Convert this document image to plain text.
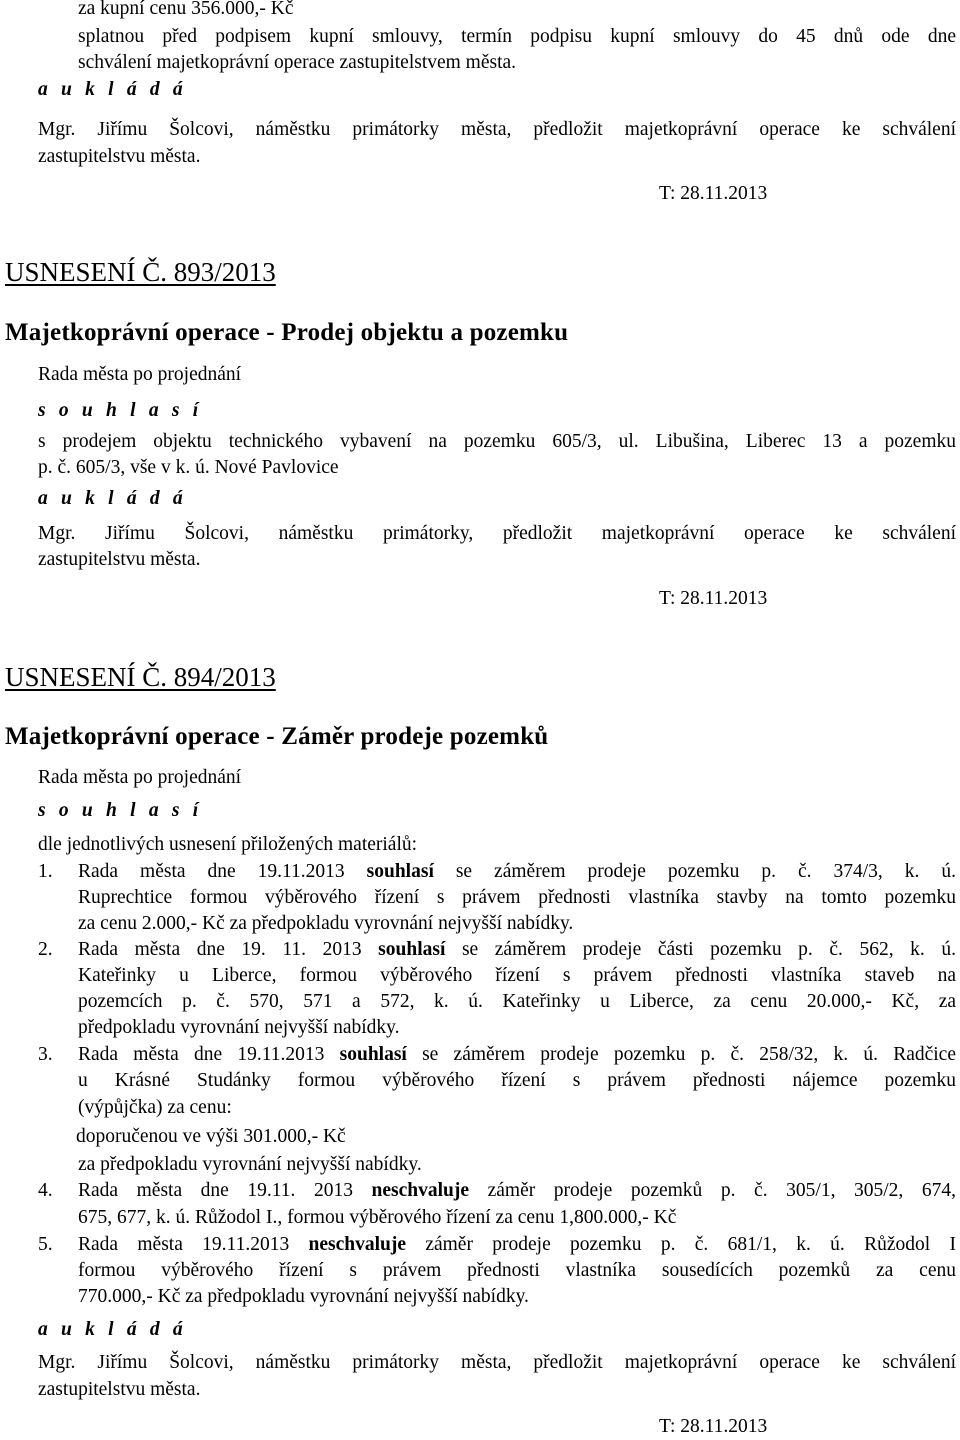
za kupní cenu 356.000,- Kč
splatnou před podpisem kupní smlouvy, termín podpisu kupní smlouvy do 45 dnů ode dne
schválení majetkoprávní operace zastupitelstvem města.
a u k l á d á
Mgr. Jiřímu Šolcovi, náměstku primátorky města, předložit majetkoprávní operace ke schválení
zastupitelstvu města.
T: 28.11.2013
USNESENÍ Č. 893/2013
Majetkoprávní operace - Prodej objektu a pozemku
Rada města po projednání
s o u h l a s í
s prodejem objektu technického vybavení na pozemku 605/3, ul. Libušina, Liberec 13 a pozemku
p. č. 605/3, vše v k. ú. Nové Pavlovice
a u k l á d á
Mgr. Jiřímu Šolcovi, náměstku primátorky, předložit majetkoprávní operace ke schválení
zastupitelstvu města.
T: 28.11.2013
USNESENÍ Č. 894/2013
Majetkoprávní operace - Záměr prodeje pozemků
Rada města po projednání
s o u h l a s í
dle jednotlivých usnesení přiložených materiálů:
1. Rada města dne 19.11.2013 souhlasí se záměrem prodeje pozemku p. č. 374/3, k. ú.
Ruprechtice formou výběrového řízení s právem přednosti vlastníka stavby na tomto pozemku
za cenu 2.000,- Kč za předpokladu vyrovnání nejvyšší nabídky.
2. Rada města dne 19. 11. 2013 souhlasí se záměrem prodeje části pozemku p. č. 562, k. ú.
Kateřinky u Liberce, formou výběrového řízení s právem přednosti vlastníka staveb na
pozemcích p. č. 570, 571 a 572, k. ú. Kateřinky u Liberce, za cenu 20.000,- Kč, za
předpokladu vyrovnání nejvyšší nabídky.
3. Rada města dne 19.11.2013 souhlasí se záměrem prodeje pozemku p. č. 258/32, k. ú. Radčice
u Krásné Studánky formou výběrového řízení s právem přednosti nájemce pozemku
(výpůjčka) za cenu:
doporučenou ve výši 301.000,- Kč
za předpokladu vyrovnání nejvyšší nabídky.
4. Rada města dne 19.11. 2013 neschvaluje záměr prodeje pozemků p. č. 305/1, 305/2, 674,
675, 677, k. ú. Růžodol I., formou výběrového řízení za cenu 1,800.000,- Kč
5. Rada města 19.11.2013 neschvaluje záměr prodeje pozemku p. č. 681/1, k. ú. Růžodol I
formou výběrového řízení s právem přednosti vlastníka sousedících pozemků za cenu
770.000,- Kč za předpokladu vyrovnání nejvyšší nabídky.
a u k l á d á
Mgr. Jiřímu Šolcovi, náměstku primátorky města, předložit majetkoprávní operace ke schválení
zastupitelstvu města.
T: 28.11.2013
